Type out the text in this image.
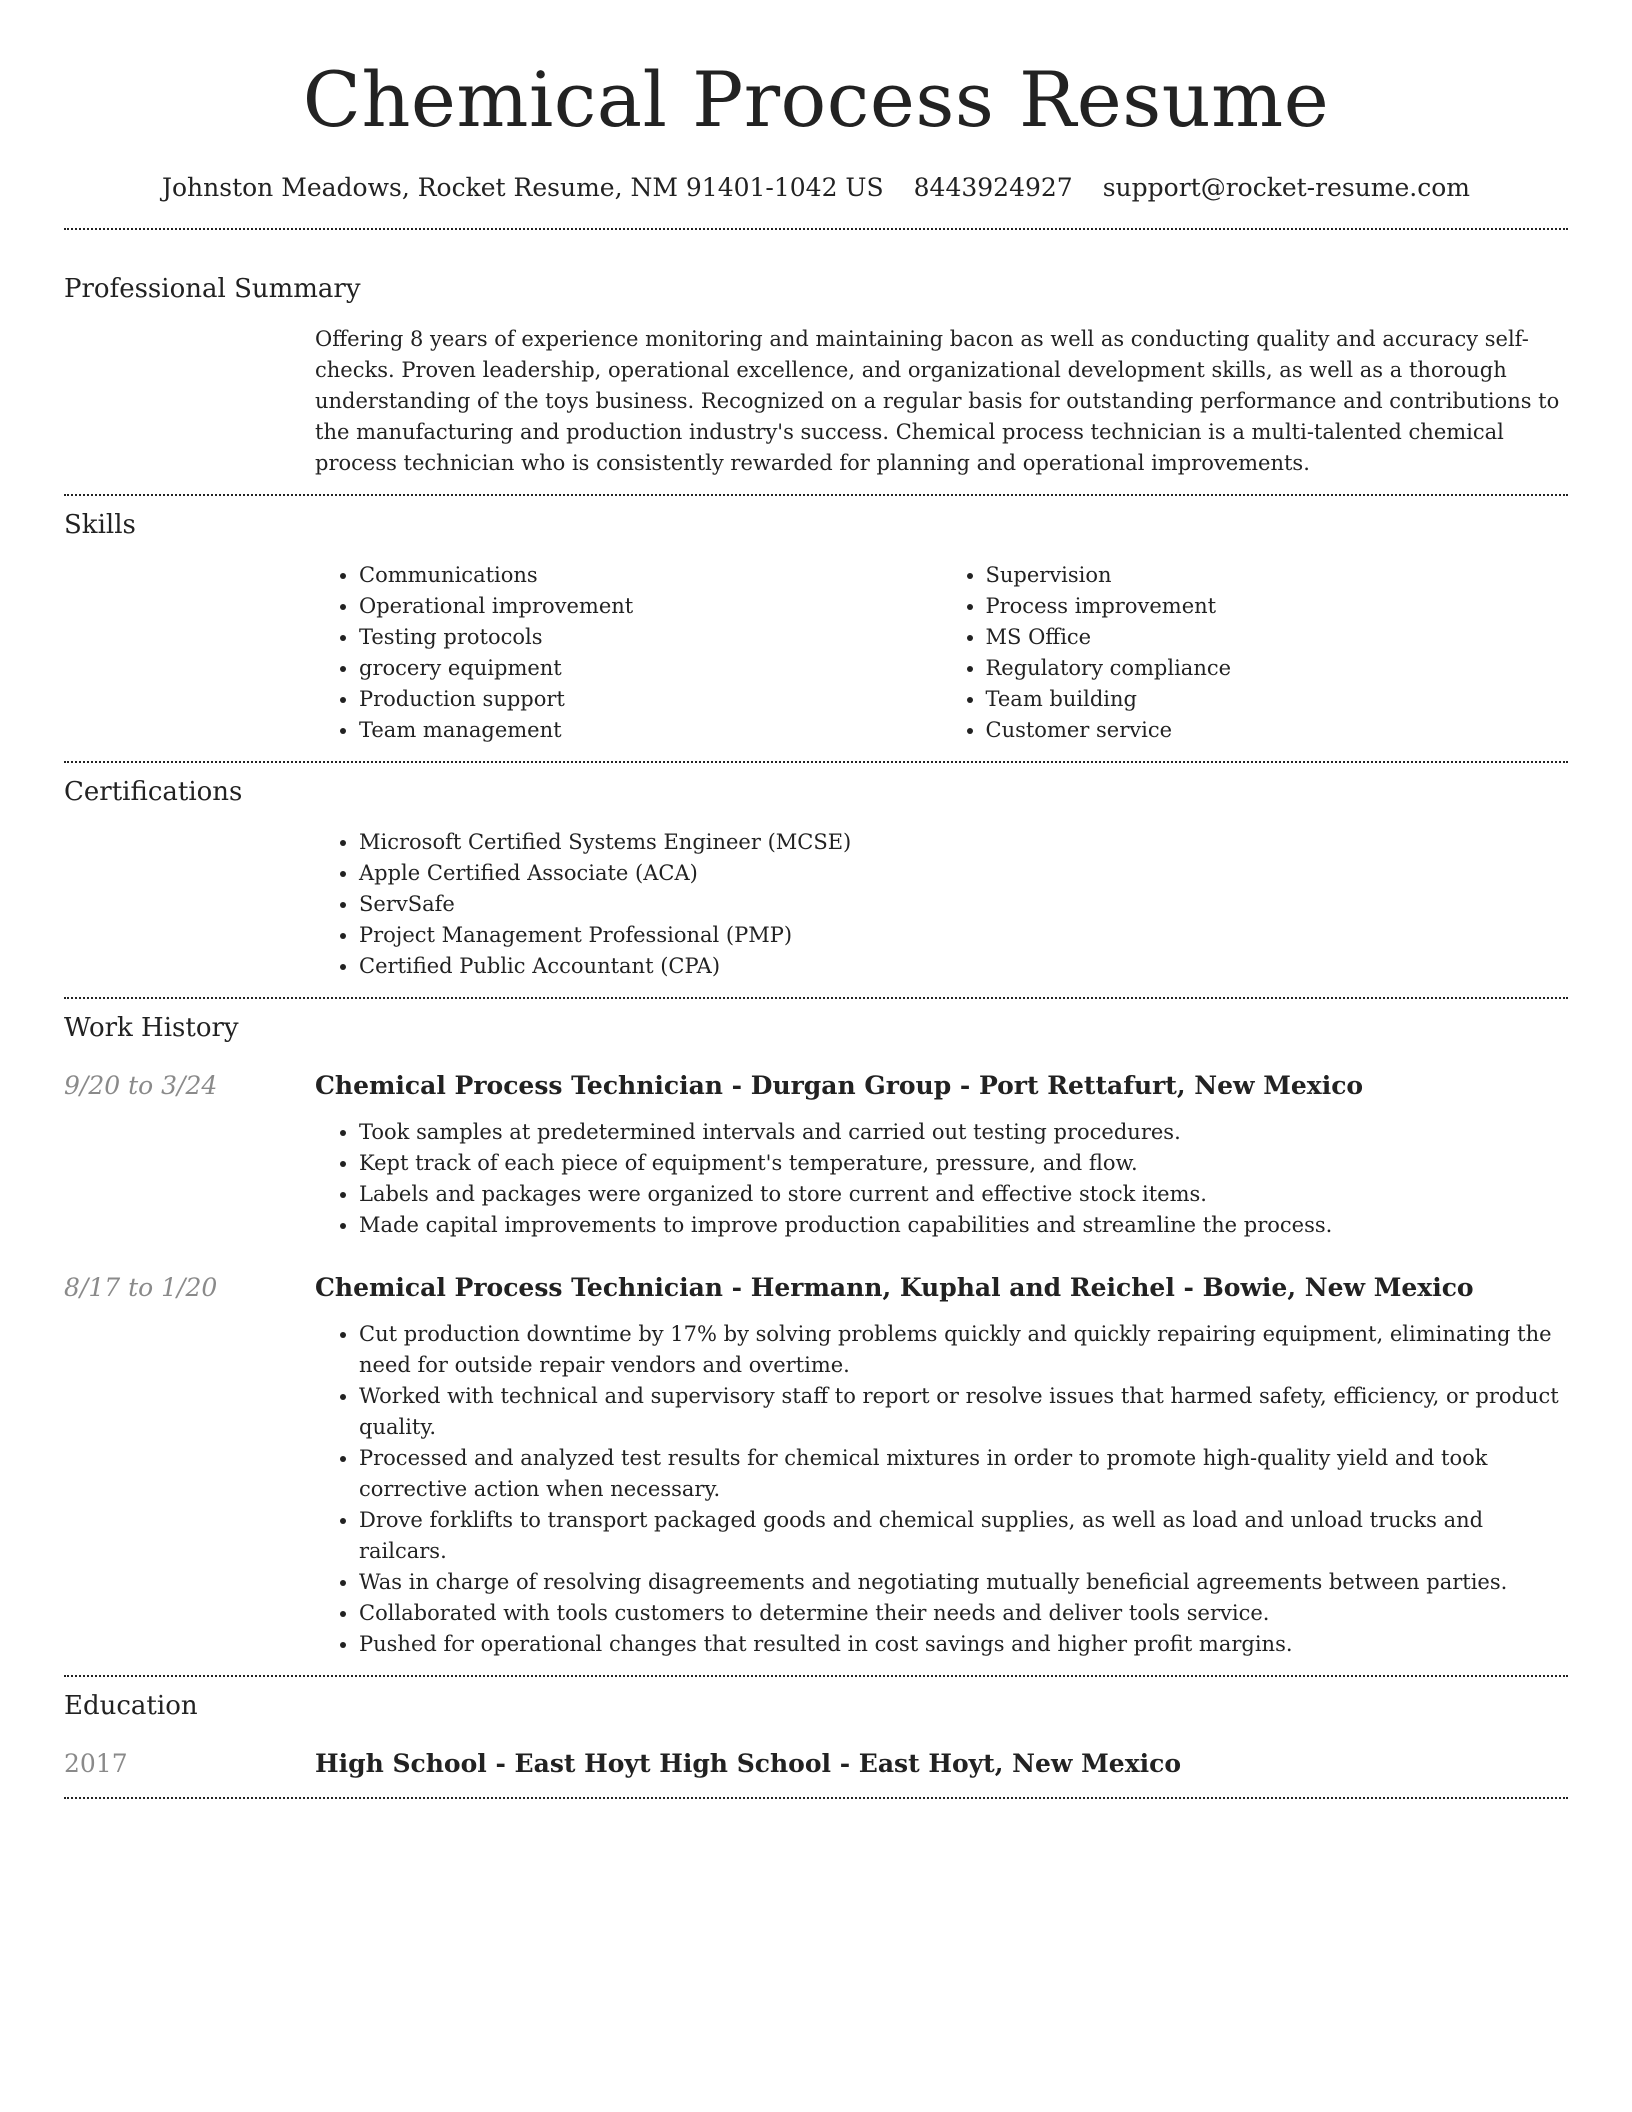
Chemical Process Resume
Johnston Meadows, Rocket Resume, NM 91401-1042 US 8443924927 support@rocket-resume.com
Professional Summary

Offering 8 years of experience monitoring and maintaining bacon as well as conducting quality and accuracy self-checks. Proven leadership, operational excellence, and organizational development skills, as well as a thorough understanding of the toys business. Recognized on a regular basis for outstanding performance and contributions to the manufacturing and production industry's success. Chemical process technician is a multi-talented chemical process technician who is consistently rewarded for planning and operational improvements.

Skills
• Communications
• Operational improvement
• Testing protocols
• grocery equipment
• Production support
• Team management
• Supervision
• Process improvement
• MS Office
• Regulatory compliance
• Team building
• Customer service
Certifications
• Microsoft Certified Systems Engineer (MCSE)
• Apple Certified Associate (ACA)
• ServSafe
• Project Management Professional (PMP)
• Certified Public Accountant (CPA)
Work History
9/20 to 3/24	Chemical Process Technician - Durgan Group - Port Rettafurt, New Mexico
• Took samples at predetermined intervals and carried out testing procedures.
• Kept track of each piece of equipment's temperature, pressure, and flow.
• Labels and packages were organized to store current and effective stock items.
• Made capital improvements to improve production capabilities and streamline the process.
8/17 to 1/20	Chemical Process Technician - Hermann, Kuphal and Reichel - Bowie, New Mexico
• Cut production downtime by 17% by solving problems quickly and quickly repairing equipment, eliminating the need for outside repair vendors and overtime.
• Worked with technical and supervisory staff to report or resolve issues that harmed safety, efficiency, or product quality.
• Processed and analyzed test results for chemical mixtures in order to promote high-quality yield and took corrective action when necessary.
• Drove forklifts to transport packaged goods and chemical supplies, as well as load and unload trucks and railcars.
• Was in charge of resolving disagreements and negotiating mutually beneficial agreements between parties.
• Collaborated with tools customers to determine their needs and deliver tools service.
• Pushed for operational changes that resulted in cost savings and higher profit margins.
Education
2017	High School - East Hoyt High School - East Hoyt, New Mexico
